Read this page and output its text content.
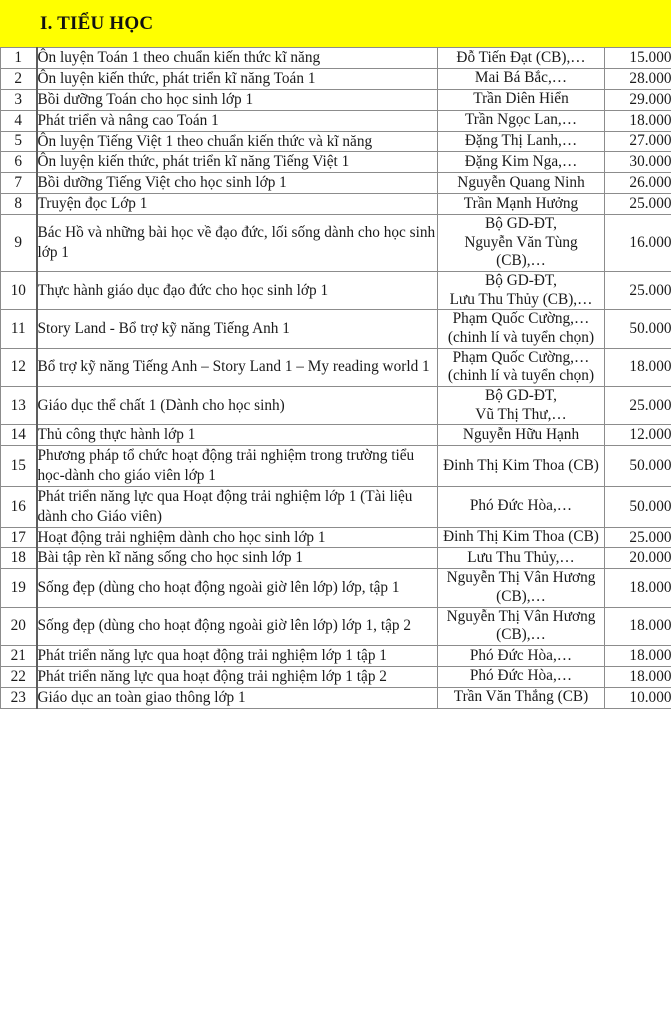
I. TIỂU HỌC
1	Ôn luyện Toán 1 theo chuẩn kiến thức kĩ năng	Đỗ Tiến Đạt (CB),…	15.000
2	Ôn luyện kiến thức, phát triển kĩ năng Toán 1	Mai Bá Bắc,…	28.000
3	Bồi dưỡng Toán cho học sinh lớp 1	Trần Diên Hiển	29.000
4	Phát triển và nâng cao Toán 1	Trần Ngọc Lan,…	18.000
5	Ôn luyện Tiếng Việt 1 theo chuẩn kiến thức và kĩ năng	Đặng Thị Lanh,…	27.000
6	Ôn luyện kiến thức, phát triển kĩ năng Tiếng Việt 1	Đặng Kim Nga,…	30.000
7	Bồi dưỡng Tiếng Việt cho học sinh lớp 1	Nguyễn Quang Ninh	26.000
8	Truyện đọc Lớp 1	Trần Mạnh Hưởng	25.000
9	Bác Hồ và những bài học về đạo đức, lối sống dành cho học sinh lớp 1	Bộ GD-ĐT,
Nguyễn Văn Tùng
(CB),…	16.000
10	Thực hành giáo dục đạo đức cho học sinh lớp 1	Bộ GD-ĐT,
Lưu Thu Thủy (CB),…	25.000
11	Story Land - Bổ trợ kỹ năng Tiếng Anh 1	Phạm Quốc Cường,…
(chinh lí và tuyển chọn)	50.000
12	Bổ trợ kỹ năng Tiếng Anh – Story Land 1 – My reading world 1	Phạm Quốc Cường,…
(chinh lí và tuyển chọn)	18.000
13	Giáo dục thể chất 1 (Dành cho học sinh)	Bộ GD-ĐT,
Vũ Thị Thư,…	25.000
14	Thủ công thực hành lớp 1	Nguyễn Hữu Hạnh	12.000
15	Phương pháp tổ chức hoạt động trải nghiệm trong trường tiểu học-dành cho giáo viên lớp 1	Đinh Thị Kim Thoa (CB)	50.000
16	Phát triển năng lực qua Hoạt động trải nghiệm lớp 1 (Tài liệu dành cho Giáo viên)	Phó Đức Hòa,…	50.000
17	Hoạt động trải nghiệm dành cho học sinh lớp 1	Đinh Thị Kim Thoa (CB)	25.000
18	Bài tập rèn kĩ năng sống cho học sinh lớp 1	Lưu Thu Thủy,…	20.000
19	Sống đẹp (dùng cho hoạt động ngoài giờ lên lớp) lớp, tập 1	Nguyễn Thị Vân Hương
(CB),…	18.000
20	Sống đẹp (dùng cho hoạt động ngoài giờ lên lớp) lớp 1, tập 2	Nguyễn Thị Vân Hương
(CB),…	18.000
21	Phát triển năng lực qua hoạt động trải nghiệm lớp 1 tập 1	Phó Đức Hòa,…	18.000
22	Phát triển năng lực qua hoạt động trải nghiệm lớp 1 tập 2	Phó Đức Hòa,…	18.000
23	Giáo dục an toàn giao thông lớp 1	Trần Văn Thắng (CB)	10.000
